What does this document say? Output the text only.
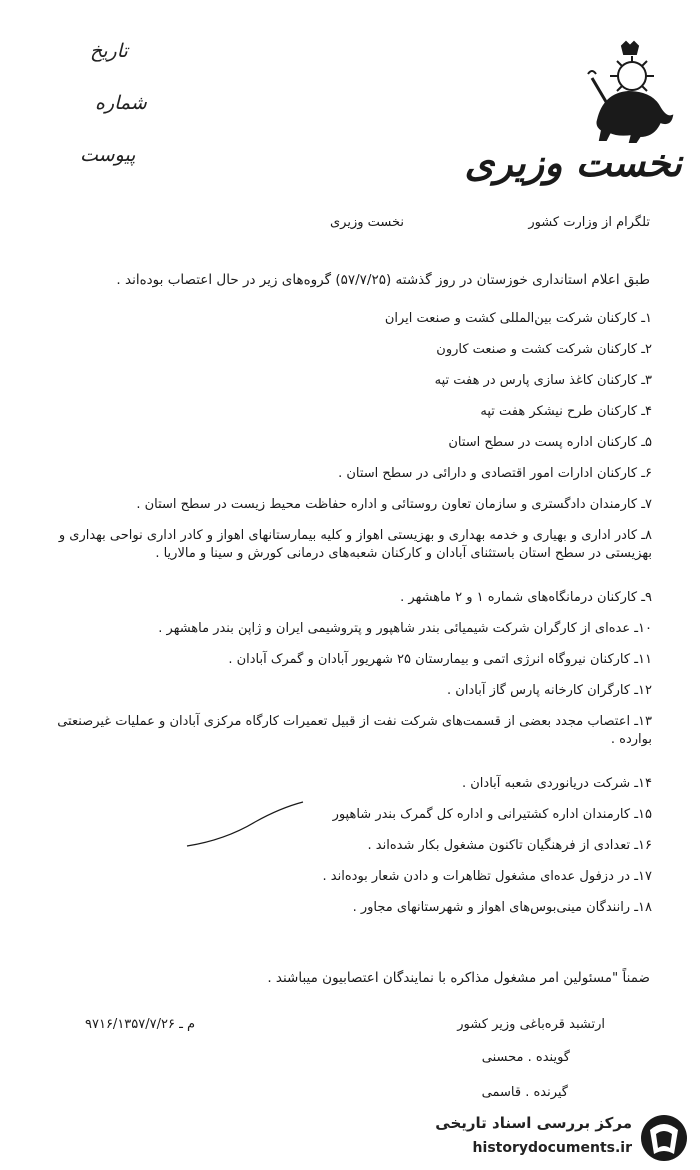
نخست وزیری
تاریخ
شماره
پیوست
نخست وزیری	تلگرام از وزارت کشور
طبق اعلام استانداری خوزستان در روز گذشته (۵۷/۷/۲۵) گروه‌های زیر در حال اعتصاب بوده‌اند .
۱ـ کارکنان شرکت بین‌المللی کشت و صنعت ایران
۲ـ کارکنان شرکت کشت و صنعت کارون
۳ـ کارکنان کاغذ سازی پارس در هفت تپه
۴ـ کارکنان طرح نیشکر هفت تپه
۵ـ کارکنان اداره پست در سطح استان
۶ـ کارکنان ادارات امور اقتصادی و دارائی در سطح استان .
۷ـ کارمندان دادگستری و سازمان تعاون روستائی و اداره حفاظت محیط زیست در سطح استان .
۸ـ کادر اداری و بهیاری و خدمه بهداری و بهزیستی اهواز و کلیه بیمارستانهای اهواز و کادر اداری نواحی بهداری و بهزیستی در سطح استان باستثنای آبادان و کارکنان شعبه‌های درمانی کورش و سینا و مالاریا .
۹ـ کارکنان درمانگاه‌های شماره ۱ و ۲ ماهشهر .
۱۰ـ عده‌ای از کارگران شرکت شیمیائی بندر شاهپور و پتروشیمی ایران و ژاپن بندر ماهشهر .
۱۱ـ کارکنان نیروگاه انرژی اتمی و بیمارستان ۲۵ شهریور آبادان و گمرک آبادان .
۱۲ـ کارگران کارخانه پارس گاز آبادان .
۱۳ـ اعتصاب مجدد بعضی از قسمت‌های شرکت نفت از قبیل تعمیرات کارگاه مرکزی آبادان و عملیات غیرصنعتی بوارده .
۱۴ـ شرکت دریانوردی شعبه آبادان .
۱۵ـ کارمندان اداره کشتیرانی و اداره کل گمرک بندر شاهپور
۱۶ـ تعدادی از فرهنگیان تاکنون مشغول بکار شده‌اند .
۱۷ـ در دزفول عده‌ای مشغول تظاهرات و دادن شعار بوده‌اند .
۱۸ـ رانندگان مینی‌بوس‌های اهواز و شهرستانهای مجاور .
ضمناً "مسئولین امر مشغول مذاکره با نمایندگان اعتصابیون میباشند .
ارتشبد قره‌باغی وزیر کشور
۹۷۱۶/م ـ ۱۳۵۷/۷/۲۶
گوینده . محسنی
گیرنده . قاسمی
مرکز بررسی اسناد تاریخی
historydocuments.ir
